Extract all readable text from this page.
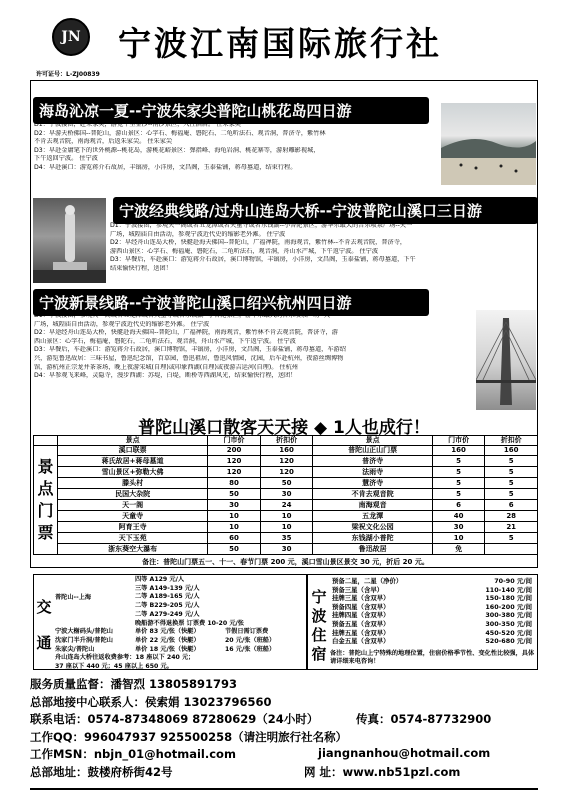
JN 宁波江南国际旅行社
许可证号：L-ZJ00839
海岛沁凉一夏--宁波朱家尖普陀山桃花岛四日游
D1：宁波接团，赴朱家尖，游览十里金沙--南沙景区，入住酒店。 住朱家尖
D2：早游天桥佛国--普陀山，游山景区：心字石、梅福庵、磐陀石、二龟听法石、观音洞，普济寺，紫竹林
不肯去观音院，南海观音，后返朱家尖。 住朱家尖
D3：早赴金庸笔下的世外桃源--桃花岛，游桃花峪景区：弹指峰、海龟岩洞、桃花寨等，游射雕影视城，
下午返回宁波。 住宁波
D4：早赴溪口：游览蒋介石故居，丰镐房，小洋房，文昌阁，玉泰盐铺，蒋母墓道，结束行程。
宁波经典线路/过舟山连岛大桥--宁波普陀山溪口三日游
D1：宁波接团，参观天一阁或者五龙潭或者天童寺或者东钱湖--小普陀景区，游华东最大的音乐喷泉广场--天一
广场，城隍庙自由活动，参观宁波近代史的缩影老外滩。 住宁波
D2：早经舟山连岛大桥，快艇赴海天佛国--普陀山，广福禅院，南海观音，紫竹林--不肯去观音院，普济寺，
游西山景区：心字石、梅福庵、磐陀石，二龟听法石，观音洞，舟山水产城，下午返宁波。 住宁波
D3：早餐后，车赴溪口：游览蒋介石故居，溪口博物馆，丰镐房，小洋房，文昌阁，玉泰盐铺，蒋母墓道，下午
结束愉快行程，送团！
宁波新景线路--宁波普陀山溪口绍兴杭州四日游
D1：宁波接团，参观天一阁或者五龙潭或者天童寺或者东钱湖--小普陀景区，游华东最大的音乐喷泉广场--天一
广场，城隍庙自由活动，参观宁波近代史的缩影老外滩。 住宁波
D2：早途经舟山连岛大桥，快艇赴海天佛国--普陀山，广福禅院，南海观音，紫竹林不肯去观音院，普济寺，游
西山景区：心字石，梅福庵，磐陀石，二龟听法石，观音洞，舟山水产城，下午返宁波。 住宁波
D3：早餐后，车赴溪口：游览蒋介石故居，溪口博物馆，丰镐房，小洋房，文昌阁，玉泰盐铺，蒋母墓道，车游绍
兴，游览鲁迅故居：三味书屋，鲁迅纪念馆，百草园，鲁迅祖居，鲁迅风情园，沈园，后车赴杭州，夜游丝绸博物
馆，游杭州正宗龙井茶茶场，晚上夜游宋城(自理)或印象西湖(自理)或夜游吉运河(自理)。 住杭州
D4：早参观飞来峰，灵隐寺，漫步西湖：苏堤，白堤，断桥等西湖风光，结束愉快行程，送团！
普陀山溪口散客天天接 ◆ 1人也成行！
	景点	门市价	折扣价	景点	门市价	折扣价

景
点
门
票	溪口联票	200	160	普陀山正山门票	160	160
	蒋氏故居+蒋母墓道	120	120	普济寺	5	5
	雪山景区+弥勒大佛	120	120	法雨寺	5	5
	滕头村	80	50	慧济寺	5	5
	民国大杂院	50	30	不肯去观音院	5	5
	天一阁	30	24	南海观音	6	6
	天童寺	10	10	五龙潭	40	28
	阿育王寺	10	10	梁祝文化公园	30	21
	天下玉苑	60	35	东钱湖小普陀	10	5
	浙东葵空大瀑布	50	30	鲁迅故居	免	
备注：普陀山门票五一、十一、春节门票 200 元，溪口雪山景区景交 30 元，折后 20 元。
交
通
普陀山--上海
四等 A129 元/人
三等 A149-139 元/人
二等 A189-165 元/人
二等 B229-205 元/人
二等 A279-249 元/人
晚船游不得退换票 订票费 10-20 元/张
宁波大榭码头/普陀山	单价 83 元/张（快艇）	节假日需订票费
沈家门半升洞/普陀山	单价 22 元/张（快艇）	20 元/张（班船）
朱家尖/普陀山	单价 18 元/张（快艇）	16 元/张（班船）
舟山连岛大桥往返收费参考：18 座以下 240 元；
37 座以下 440 元；45 座以上 650 元。
宁
波
住
宿
预备二星，二星（净价）	70-90 元/间
预备三星（含早）	110-140 元/间
挂牌三星（含双早）	150-180 元/间
预备四星（含双早）	160-200 元/间
挂牌四星（含双早）	300-380 元/间
预备五星（含双早）	300-350 元/间
挂牌五星（含双早）	450-520 元/间
白金五星（含双早）	520-680 元/间
备注：普陀山上宁特殊的地理位置，住宿价格季节性、变化性比较强，具体请详细来电咨询！
服务质量监督：潘智烈 13805891793
总部地接中心联系人：侯索娟 13023796560
联系电话：0574-87348069 87280629（24小时）	传真：0574-87732900
工作QQ：996047937 925500258（请注明旅行社名称）
工作MSN：nbjn_01@hotmail.com	jiangnanhou@hotmail.com
总部地址：鼓楼府桥街42号	网 址：www.nb51pzl.com
